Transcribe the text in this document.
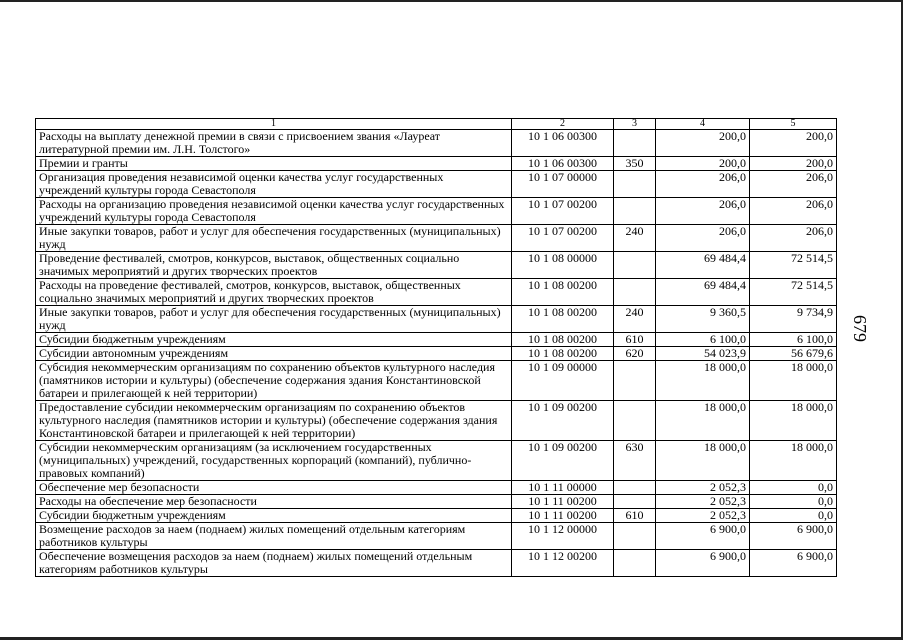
679
1	2	3	4	5
Расходы на выплату денежной премии в связи с присвоением звания «Лауреат литературной премии им. Л.Н. Толстого»	10 1 06 00300		200,0	200,0
Премии и гранты	10 1 06 00300	350	200,0	200,0
Организация проведения независимой оценки качества услуг государственных учреждений культуры города Севастополя	10 1 07 00000		206,0	206,0
Расходы на организацию проведения независимой оценки качества услуг государственных учреждений культуры города Севастополя	10 1 07 00200		206,0	206,0
Иные закупки товаров, работ и услуг для обеспечения государственных (муниципальных) нужд	10 1 07 00200	240	206,0	206,0
Проведение фестивалей, смотров, конкурсов, выставок, общественных социально значимых мероприятий и других творческих проектов	10 1 08 00000		69 484,4	72 514,5
Расходы на проведение фестивалей, смотров, конкурсов, выставок, общественных социально значимых мероприятий и других творческих проектов	10 1 08 00200		69 484,4	72 514,5
Иные закупки товаров, работ и услуг для обеспечения государственных (муниципальных) нужд	10 1 08 00200	240	9 360,5	9 734,9
Субсидии бюджетным учреждениям	10 1 08 00200	610	6 100,0	6 100,0
Субсидии автономным учреждениям	10 1 08 00200	620	54 023,9	56 679,6
Субсидия некоммерческим организациям по сохранению объектов культурного наследия (памятников истории и культуры) (обеспечение содержания здания Константиновской батареи и прилегающей к ней территории)	10 1 09 00000		18 000,0	18 000,0
Предоставление субсидии некоммерческим организациям по сохранению объектов культурного наследия (памятников истории и культуры) (обеспечение содержания здания Константиновской батареи и прилегающей к ней территории)	10 1 09 00200		18 000,0	18 000,0
Субсидии некоммерческим организациям (за исключением государственных (муниципальных) учреждений, государственных корпораций (компаний), публично-правовых компаний)	10 1 09 00200	630	18 000,0	18 000,0
Обеспечение мер безопасности	10 1 11 00000		2 052,3	0,0
Расходы на обеспечение мер безопасности	10 1 11 00200		2 052,3	0,0
Субсидии бюджетным учреждениям	10 1 11 00200	610	2 052,3	0,0
Возмещение расходов за наем (поднаем) жилых помещений отдельным категориям работников культуры	10 1 12 00000		6 900,0	6 900,0
Обеспечение возмещения расходов за наем (поднаем) жилых помещений отдельным категориям работников культуры	10 1 12 00200		6 900,0	6 900,0
